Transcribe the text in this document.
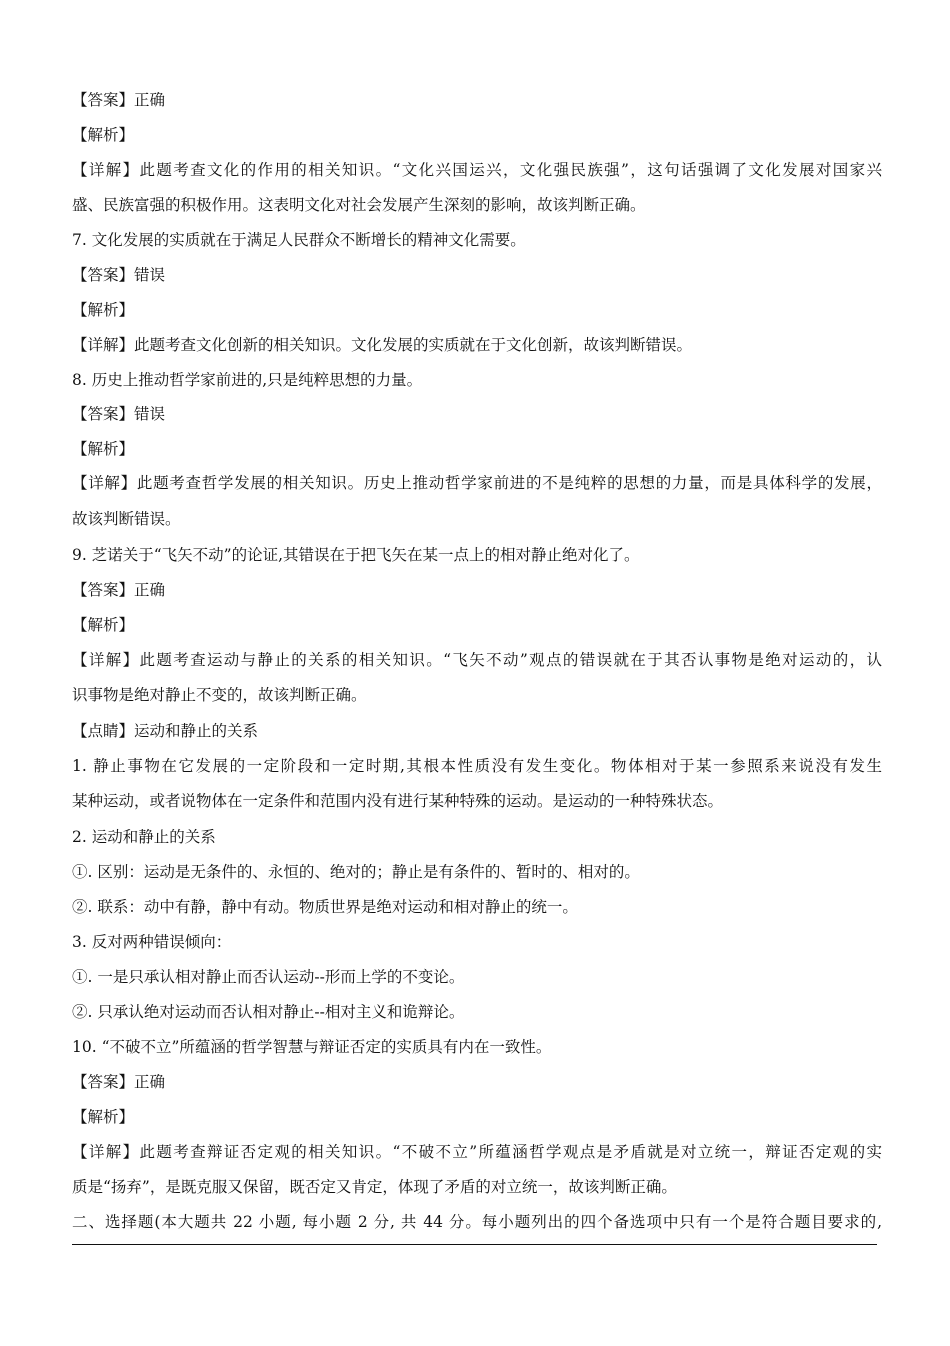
【答案】正确
【解析】
【详解】此题考查文化的作用的相关知识。“文化兴国运兴，文化强民族强”，这句话强调了文化发展对国家兴
盛、民族富强的积极作用。这表明文化对社会发展产生深刻的影响，故该判断正确。
7. 文化发展的实质就在于满足人民群众不断增长的精神文化需要。
【答案】错误
【解析】
【详解】此题考查文化创新的相关知识。文化发展的实质就在于文化创新，故该判断错误。
8. 历史上推动哲学家前进的,只是纯粹思想的力量。
【答案】错误
【解析】
【详解】此题考查哲学发展的相关知识。历史上推动哲学家前进的不是纯粹的思想的力量，而是具体科学的发展，
故该判断错误。
9. 芝诺关于“飞矢不动”的论证,其错误在于把飞矢在某一点上的相对静止绝对化了。
【答案】正确
【解析】
【详解】此题考查运动与静止的关系的相关知识。“飞矢不动”观点的错误就在于其否认事物是绝对运动的，认
识事物是绝对静止不变的，故该判断正确。
【点睛】运动和静止的关系
1. 静止事物在它发展的一定阶段和一定时期,其根本性质没有发生变化。物体相对于某一参照系来说没有发生
某种运动，或者说物体在一定条件和范围内没有进行某种特殊的运动。是运动的一种特殊状态。
2. 运动和静止的关系
①. 区别：运动是无条件的、永恒的、绝对的；静止是有条件的、暂时的、相对的。
②. 联系：动中有静，静中有动。物质世界是绝对运动和相对静止的统一。
3. 反对两种错误倾向：
①. 一是只承认相对静止而否认运动--形而上学的不变论。
②. 只承认绝对运动而否认相对静止--相对主义和诡辩论。
10. “不破不立”所蕴涵的哲学智慧与辩证否定的实质具有内在一致性。
【答案】正确
【解析】
【详解】此题考查辩证否定观的相关知识。“不破不立”所蕴涵哲学观点是矛盾就是对立统一，辩证否定观的实
质是“扬弃”，是既克服又保留，既否定又肯定，体现了矛盾的对立统一，故该判断正确。
二、选择题(本大题共 22 小题, 每小题 2 分, 共 44 分。每小题列出的四个备选项中只有一个是符合题目要求的,
